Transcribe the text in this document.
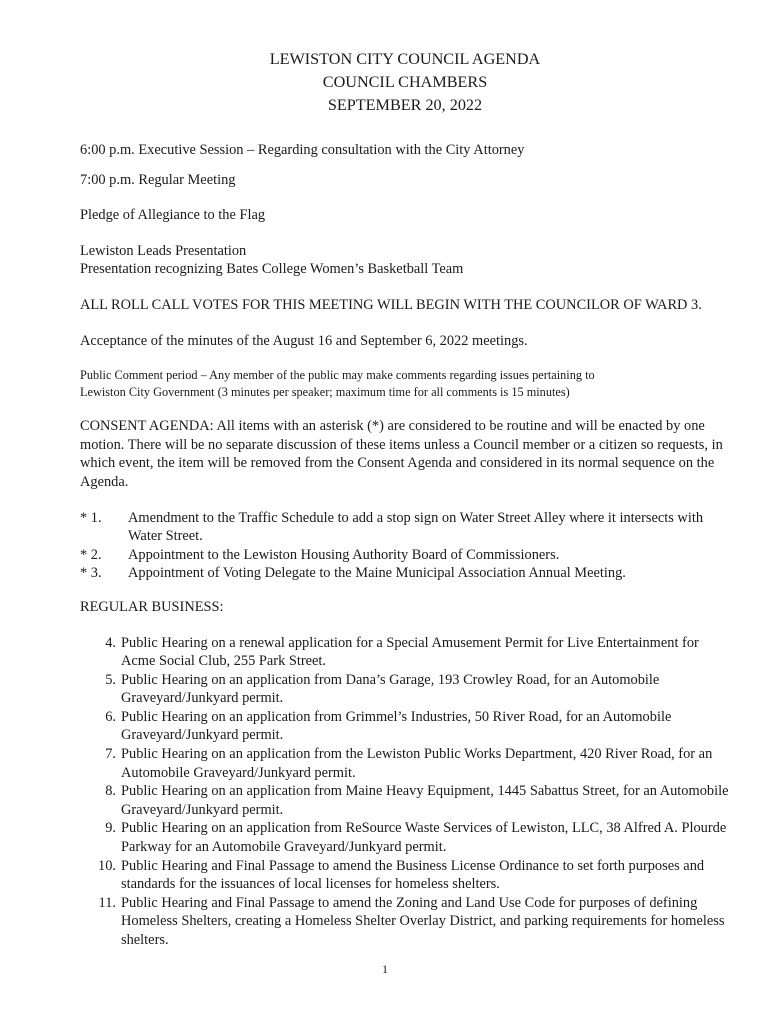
LEWISTON CITY COUNCIL AGENDA
COUNCIL CHAMBERS
SEPTEMBER 20, 2022

6:00 p.m. Executive Session – Regarding consultation with the City Attorney

7:00 p.m. Regular Meeting

Pledge of Allegiance to the Flag

Lewiston Leads Presentation

Presentation recognizing Bates College Women’s Basketball Team

ALL ROLL CALL VOTES FOR THIS MEETING WILL BEGIN WITH THE COUNCILOR OF WARD 3.

Acceptance of the minutes of the August 16 and September 6, 2022 meetings.

Public Comment period – Any member of the public may make comments regarding issues pertaining to

Lewiston City Government (3 minutes per speaker; maximum time for all comments is 15 minutes)

CONSENT AGENDA: All items with an asterisk (*) are considered to be routine and will be enacted by one motion. There will be no separate discussion of these items unless a Council member or a citizen so requests, in which event, the item will be removed from the Consent Agenda and considered in its normal sequence on the Agenda.

* 1.	Amendment to the Traffic Schedule to add a stop sign on Water Street Alley where it intersects with Water Street.
* 2.	Appointment to the Lewiston Housing Authority Board of Commissioners.
* 3.	Appointment of Voting Delegate to the Maine Municipal Association Annual Meeting.

REGULAR BUSINESS:

4. Public Hearing on a renewal application for a Special Amusement Permit for Live Entertainment for Acme Social Club, 255 Park Street.
5. Public Hearing on an application from Dana’s Garage, 193 Crowley Road, for an Automobile Graveyard/Junkyard permit.
6. Public Hearing on an application from Grimmel’s Industries, 50 River Road, for an Automobile Graveyard/Junkyard permit.
7. Public Hearing on an application from the Lewiston Public Works Department, 420 River Road, for an Automobile Graveyard/Junkyard permit.
8. Public Hearing on an application from Maine Heavy Equipment, 1445 Sabattus Street, for an Automobile Graveyard/Junkyard permit.
9. Public Hearing on an application from ReSource Waste Services of Lewiston, LLC, 38 Alfred A. Plourde Parkway for an Automobile Graveyard/Junkyard permit.
10. Public Hearing and Final Passage to amend the Business License Ordinance to set forth purposes and standards for the issuances of local licenses for homeless shelters.
11. Public Hearing and Final Passage to amend the Zoning and Land Use Code for purposes of defining Homeless Shelters, creating a Homeless Shelter Overlay District, and parking requirements for homeless shelters.
1
